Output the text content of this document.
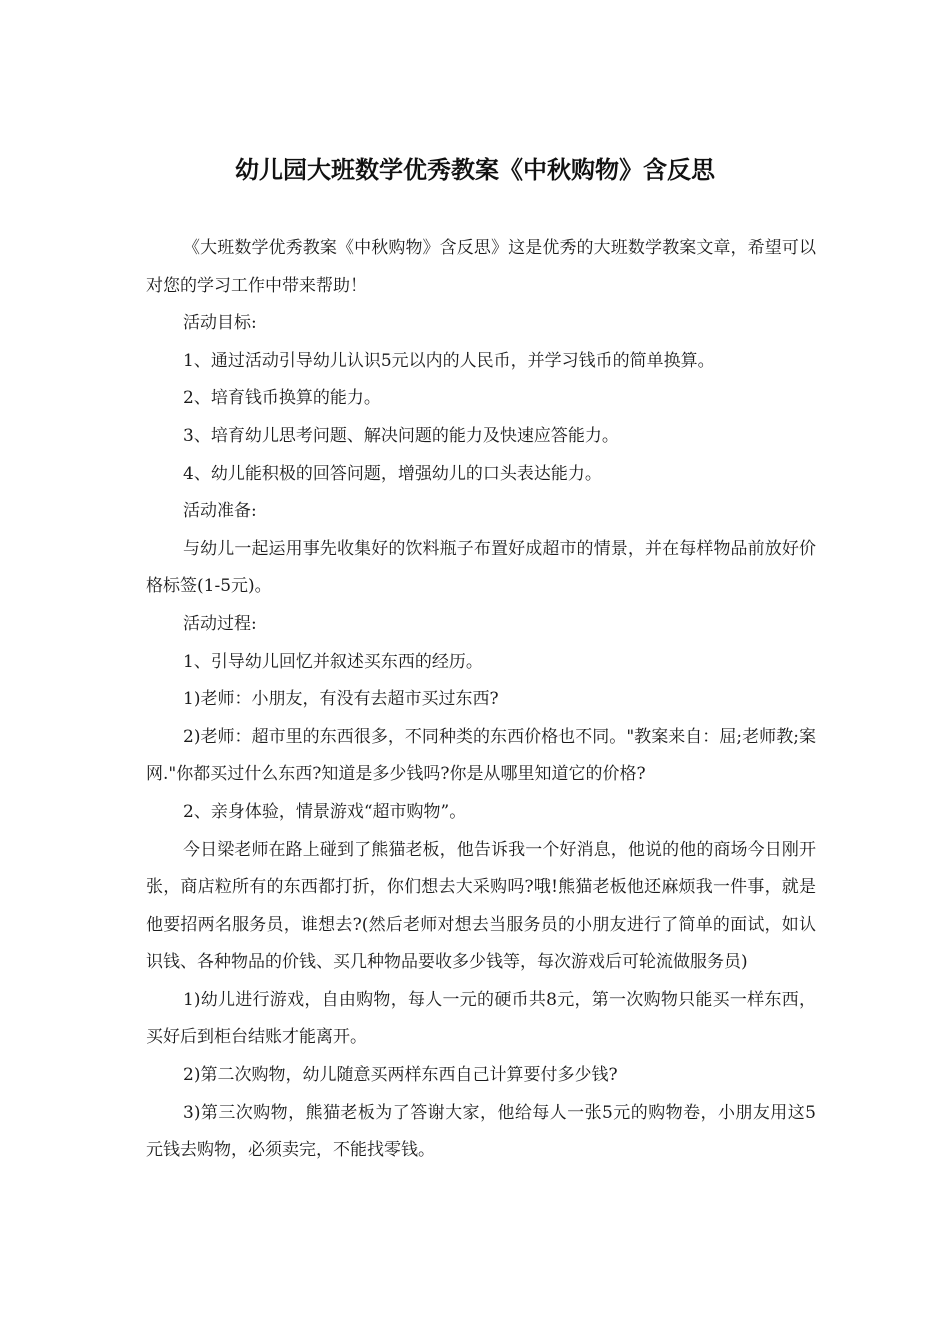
幼儿园大班数学优秀教案《中秋购物》含反思

《大班数学优秀教案《中秋购物》含反思》这是优秀的大班数学教案文章，希望可以对您的学习工作中带来帮助！

活动目标:

1、通过活动引导幼儿认识5元以内的人民币，并学习钱币的简单换算。

2、培育钱币换算的能力。

3、培育幼儿思考问题、解决问题的能力及快速应答能力。

4、幼儿能积极的回答问题，增强幼儿的口头表达能力。

活动准备:

与幼儿一起运用事先收集好的饮料瓶子布置好成超市的情景，并在每样物品前放好价格标签(1-5元)。

活动过程:

1、引导幼儿回忆并叙述买东西的经历。

1)老师：小朋友，有没有去超市买过东西?

2)老师：超市里的东西很多，不同种类的东西价格也不同。"教案来自：屈;老师教;案网."你都买过什么东西?知道是多少钱吗?你是从哪里知道它的价格?

2、亲身体验，情景游戏“超市购物”。

今日梁老师在路上碰到了熊猫老板，他告诉我一个好消息，他说的他的商场今日刚开张，商店粒所有的东西都打折，你们想去大采购吗?哦!熊猫老板他还麻烦我一件事，就是他要招两名服务员，谁想去?(然后老师对想去当服务员的小朋友进行了简单的面试，如认识钱、各种物品的价钱、买几种物品要收多少钱等，每次游戏后可轮流做服务员)

1)幼儿进行游戏，自由购物，每人一元的硬币共8元，第一次购物只能买一样东西，买好后到柜台结账才能离开。

2)第二次购物，幼儿随意买两样东西自己计算要付多少钱?

3)第三次购物，熊猫老板为了答谢大家，他给每人一张5元的购物卷，小朋友用这5元钱去购物，必须卖完，不能找零钱。
